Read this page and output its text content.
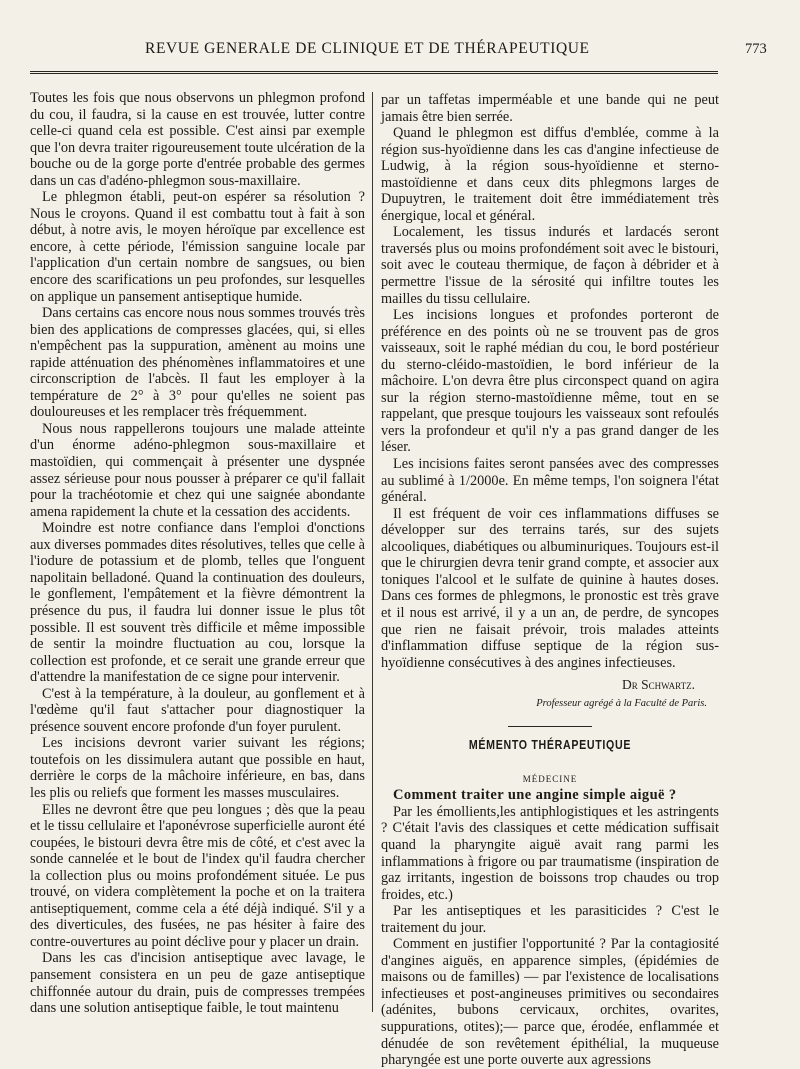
REVUE GENERALE DE CLINIQUE ET DE THÉRAPEUTIQUE	773

Toutes les fois que nous observons un phlegmon profond du cou, il faudra, si la cause en est trouvée, lutter contre celle-ci quand cela est possible. C'est ainsi par exemple que l'on devra traiter rigoureusement toute ulcération de la bouche ou de la gorge porte d'entrée probable des germes dans un cas d'adéno-phlegmon sous-maxillaire.

Le phlegmon établi, peut-on espérer sa résolution ? Nous le croyons. Quand il est combattu tout à fait à son début, à notre avis, le moyen héroïque par excellence est encore, à cette période, l'émission sanguine locale par l'application d'un certain nombre de sangsues, ou bien encore des scarifications un peu profondes, sur lesquelles on applique un pansement antiseptique humide.

Dans certains cas encore nous nous sommes trouvés très bien des applications de compresses glacées, qui, si elles n'empêchent pas la suppuration, amènent au moins une rapide atténuation des phénomènes inflammatoires et une circonscription de l'abcès. Il faut les employer à la température de 2° à 3° pour qu'elles ne soient pas douloureuses et les remplacer très fréquemment.

Nous nous rappellerons toujours une malade atteinte d'un énorme adéno-phlegmon sous-maxillaire et mastoïdien, qui commençait à présenter une dyspnée assez sérieuse pour nous pousser à préparer ce qu'il fallait pour la trachéotomie et chez qui une saignée abondante amena rapidement la chute et la cessation des accidents.

Moindre est notre confiance dans l'emploi d'onctions aux diverses pommades dites résolutives, telles que celle à l'iodure de potassium et de plomb, telles que l'onguent napolitain belladoné. Quand la continuation des douleurs, le gonflement, l'empâtement et la fièvre démontrent la présence du pus, il faudra lui donner issue le plus tôt possible. Il est souvent très difficile et même impossible de sentir la moindre fluctuation au cou, lorsque la collection est profonde, et ce serait une grande erreur que d'attendre la manifestation de ce signe pour intervenir.

C'est à la température, à la douleur, au gonflement et à l'œdème qu'il faut s'attacher pour diagnostiquer la présence souvent encore profonde d'un foyer purulent.

Les incisions devront varier suivant les régions; toutefois on les dissimulera autant que possible en haut, derrière le corps de la mâchoire inférieure, en bas, dans les plis ou reliefs que forment les masses musculaires.

Elles ne devront être que peu longues ; dès que la peau et le tissu cellulaire et l'aponévrose superficielle auront été coupées, le bistouri devra être mis de côté, et c'est avec la sonde cannelée et le bout de l'index qu'il faudra chercher la collection plus ou moins profondément située. Le pus trouvé, on videra complètement la poche et on la traitera antiseptiquement, comme cela a été déjà indiqué. S'il y a des diverticules, des fusées, ne pas hésiter à faire des contre-ouvertures au point déclive pour y placer un drain.

Dans les cas d'incision antiseptique avec lavage, le pansement consistera en un peu de gaze antiseptique chiffonnée autour du drain, puis de compresses trempées dans une solution antiseptique faible, le tout maintenu

par un taffetas imperméable et une bande qui ne peut jamais être bien serrée.

Quand le phlegmon est diffus d'emblée, comme à la région sus-hyoïdienne dans les cas d'angine infectieuse de Ludwig, à la région sous-hyoïdienne et sterno-mastoïdienne et dans ceux dits phlegmons larges de Dupuytren, le traitement doit être immédiatement très énergique, local et général.

Localement, les tissus indurés et lardacés seront traversés plus ou moins profondément soit avec le bistouri, soit avec le couteau thermique, de façon à débrider et à permettre l'issue de la sérosité qui infiltre toutes les mailles du tissu cellulaire.

Les incisions longues et profondes porteront de préférence en des points où ne se trouvent pas de gros vaisseaux, soit le raphé médian du cou, le bord postérieur du sterno-cléido-mastoïdien, le bord inférieur de la mâchoire. L'on devra être plus circonspect quand on agira sur la région sterno-mastoïdienne même, tout en se rappelant, que presque toujours les vaisseaux sont refoulés vers la profondeur et qu'il n'y a pas grand danger de les léser.

Les incisions faites seront pansées avec des compresses au sublimé à 1/2000e. En même temps, l'on soignera l'état général.

Il est fréquent de voir ces inflammations diffuses se développer sur des terrains tarés, sur des sujets alcooliques, diabétiques ou albuminuriques. Toujours est-il que le chirurgien devra tenir grand compte, et associer aux toniques l'alcool et le sulfate de quinine à hautes doses. Dans ces formes de phlegmons, le pronostic est très grave et il nous est arrivé, il y a un an, de perdre, de syncopes que rien ne faisait prévoir, trois malades atteints d'inflammation diffuse septique de la région sus-hyoïdienne consécutives à des angines infectieuses.

Dr Schwartz.
Professeur agrégé à la Faculté de Paris.
MÉMENTO THÉRAPEUTIQUE
MÉDECINE

Comment traiter une angine simple aiguë ?

Par les émollients,les antiphlogistiques et les astringents ? C'était l'avis des classiques et cette médication suffisait quand la pharyngite aiguë avait rang parmi les inflammations à frigore ou par traumatisme (inspiration de gaz irritants, ingestion de boissons trop chaudes ou trop froides, etc.)

Par les antiseptiques et les parasiticides ? C'est le traitement du jour.

Comment en justifier l'opportunité ? Par la contagiosité d'angines aiguës, en apparence simples, (épidémies de maisons ou de familles) — par l'existence de localisations infectieuses et post-angineuses primitives ou secondaires (adénites, bubons cervicaux, orchites, ovarites, suppurations, otites);— parce que, érodée, enflammée et dénudée de son revêtement épithélial, la muqueuse pharyngée est une porte ouverte aux agressions
